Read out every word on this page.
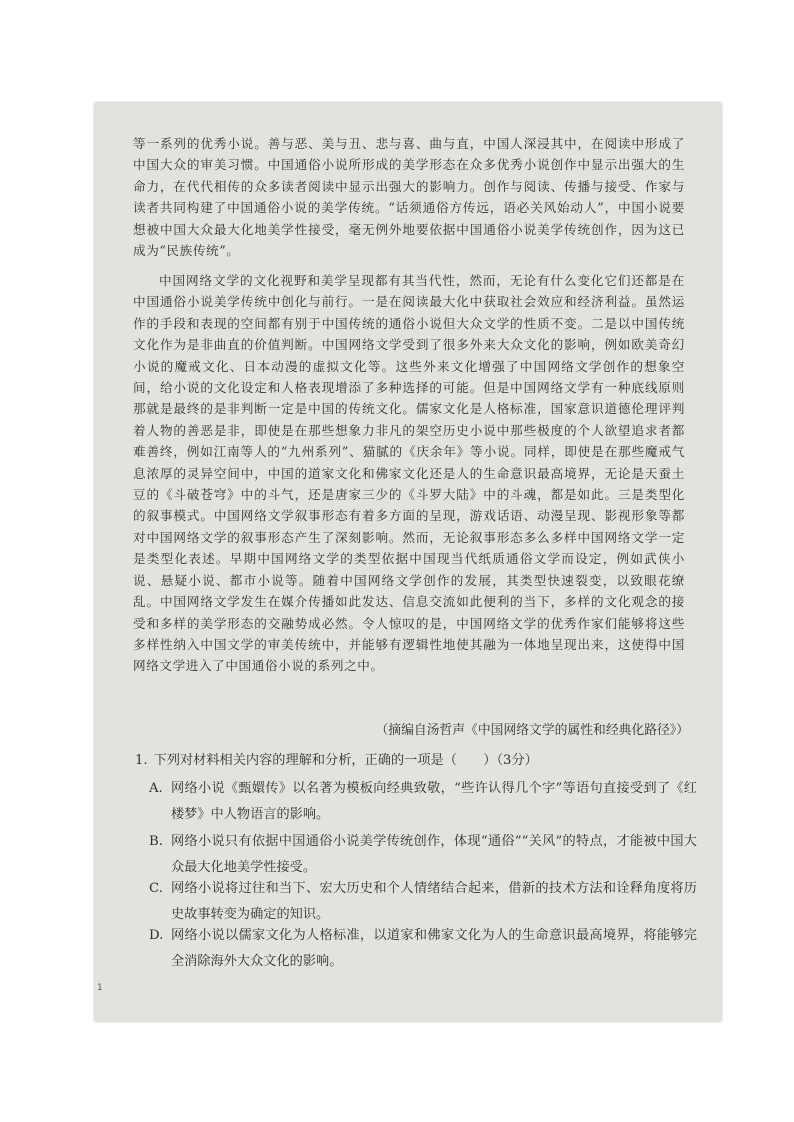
等一系列的优秀小说。善与恶、美与丑、悲与喜、曲与直，中国人深浸其中，在阅读中形成了中国大众的审美习惯。中国通俗小说所形成的美学形态在众多优秀小说创作中显示出强大的生命力，在代代相传的众多读者阅读中显示出强大的影响力。创作与阅读、传播与接受、作家与读者共同构建了中国通俗小说的美学传统。“话须通俗方传远，语必关风始动人”，中国小说要想被中国大众最大化地美学性接受，毫无例外地要依据中国通俗小说美学传统创作，因为这已成为“民族传统”。

中国网络文学的文化视野和美学呈现都有其当代性，然而，无论有什么变化它们还都是在中国通俗小说美学传统中创化与前行。一是在阅读最大化中获取社会效应和经济利益。虽然运作的手段和表现的空间都有别于中国传统的通俗小说但大众文学的性质不变。二是以中国传统文化作为是非曲直的价值判断。中国网络文学受到了很多外来大众文化的影响，例如欧美奇幻小说的魔戒文化、日本动漫的虚拟文化等。这些外来文化增强了中国网络文学创作的想象空间，给小说的文化设定和人格表现增添了多种选择的可能。但是中国网络文学有一种底线原则那就是最终的是非判断一定是中国的传统文化。儒家文化是人格标准，国家意识道德伦理评判着人物的善恶是非，即使是在那些想象力非凡的架空历史小说中那些极度的个人欲望追求者都难善终，例如江南等人的“九州系列”、猫腻的《庆余年》等小说。同样，即使是在那些魔戒气息浓厚的灵异空间中，中国的道家文化和佛家文化还是人的生命意识最高境界，无论是天蚕土豆的《斗破苍穹》中的斗气，还是唐家三少的《斗罗大陆》中的斗魂，都是如此。三是类型化的叙事模式。中国网络文学叙事形态有着多方面的呈现，游戏话语、动漫呈现、影视形象等都对中国网络文学的叙事形态产生了深刻影响。然而，无论叙事形态多么多样中国网络文学一定是类型化表述。早期中国网络文学的类型依据中国现当代纸质通俗文学而设定，例如武侠小说、悬疑小说、都市小说等。随着中国网络文学创作的发展，其类型快速裂变，以致眼花缭乱。中国网络文学发生在媒介传播如此发达、信息交流如此便利的当下，多样的文化观念的接受和多样的美学形态的交融势成必然。令人惊叹的是，中国网络文学的优秀作家们能够将这些多样性纳入中国文学的审美传统中，并能够有逻辑性地使其融为一体地呈现出来，这使得中国网络文学进入了中国通俗小说的系列之中。

（摘编自汤哲声《中国网络文学的属性和经典化路径》）

1. 下列对材料相关内容的理解和分析，正确的一项是（　　）（3分）

A. 网络小说《甄嬛传》以名著为模板向经典致敬，“些许认得几个字”等语句直接受到了《红楼梦》中人物语言的影响。

B. 网络小说只有依据中国通俗小说美学传统创作，体现“通俗”“关风”的特点，才能被中国大众最大化地美学性接受。

C. 网络小说将过往和当下、宏大历史和个人情绪结合起来，借新的技术方法和诠释角度将历史故事转变为确定的知识。

D. 网络小说以儒家文化为人格标准，以道家和佛家文化为人的生命意识最高境界，将能够完全消除海外大众文化的影响。

1
